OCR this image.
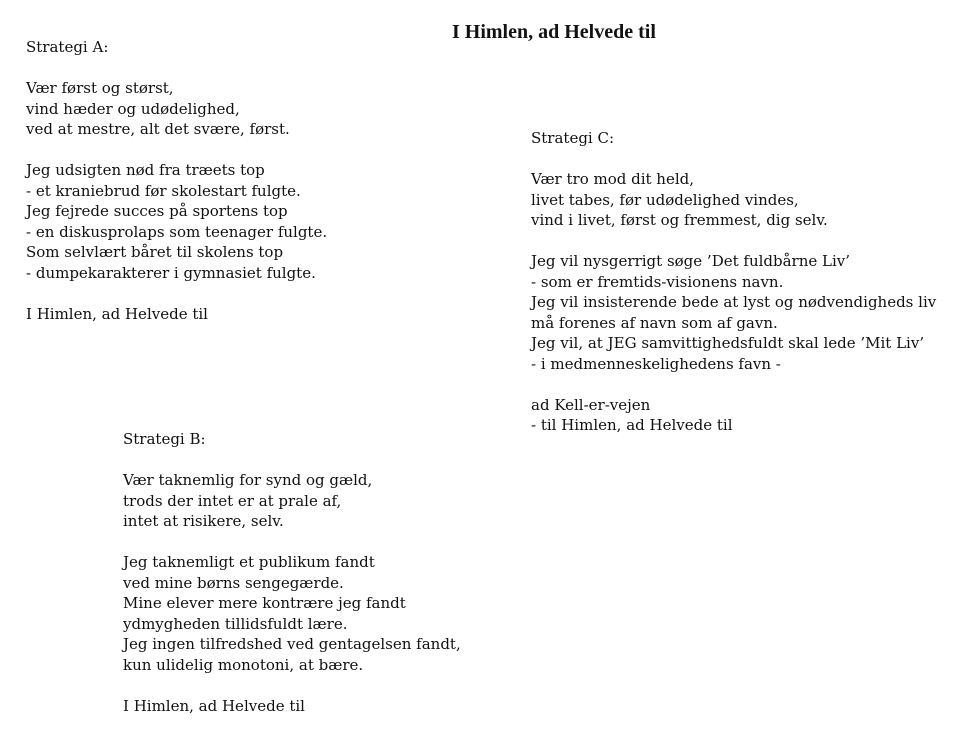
I Himlen, ad Helvede til
Strategi A:
Vær først og størst,
vind hæder og udødelighed,
ved at mestre, alt det svære, først.
Jeg udsigten nød fra træets top
- et kraniebrud før skolestart fulgte.
Jeg fejrede succes på sportens top
- en diskusprolaps som teenager fulgte.
Som selvlært båret til skolens top
- dumpekarakterer i gymnasiet fulgte.
I Himlen, ad Helvede til
Strategi B:
Vær taknemlig for synd og gæld,
trods der intet er at prale af,
intet at risikere, selv.
Jeg taknemligt et publikum fandt
ved mine børns sengegærde.
Mine elever mere kontrære jeg fandt
ydmygheden tillidsfuldt lære.
Jeg ingen tilfredshed ved gentagelsen fandt,
kun ulidelig monotoni, at bære.
I Himlen, ad Helvede til
Strategi C:
Vær tro mod dit held,
livet tabes, før udødelighed vindes,
vind i livet, først og fremmest, dig selv.
Jeg vil nysgerrigt søge ’Det fuldbårne Liv’
- som er fremtids-visionens navn.
Jeg vil insisterende bede at lyst og nødvendigheds liv
må forenes af navn som af gavn.
Jeg vil, at JEG samvittighedsfuldt skal lede ’Mit Liv’
- i medmenneskelighedens favn -
ad Kell-er-vejen
- til Himlen, ad Helvede til
